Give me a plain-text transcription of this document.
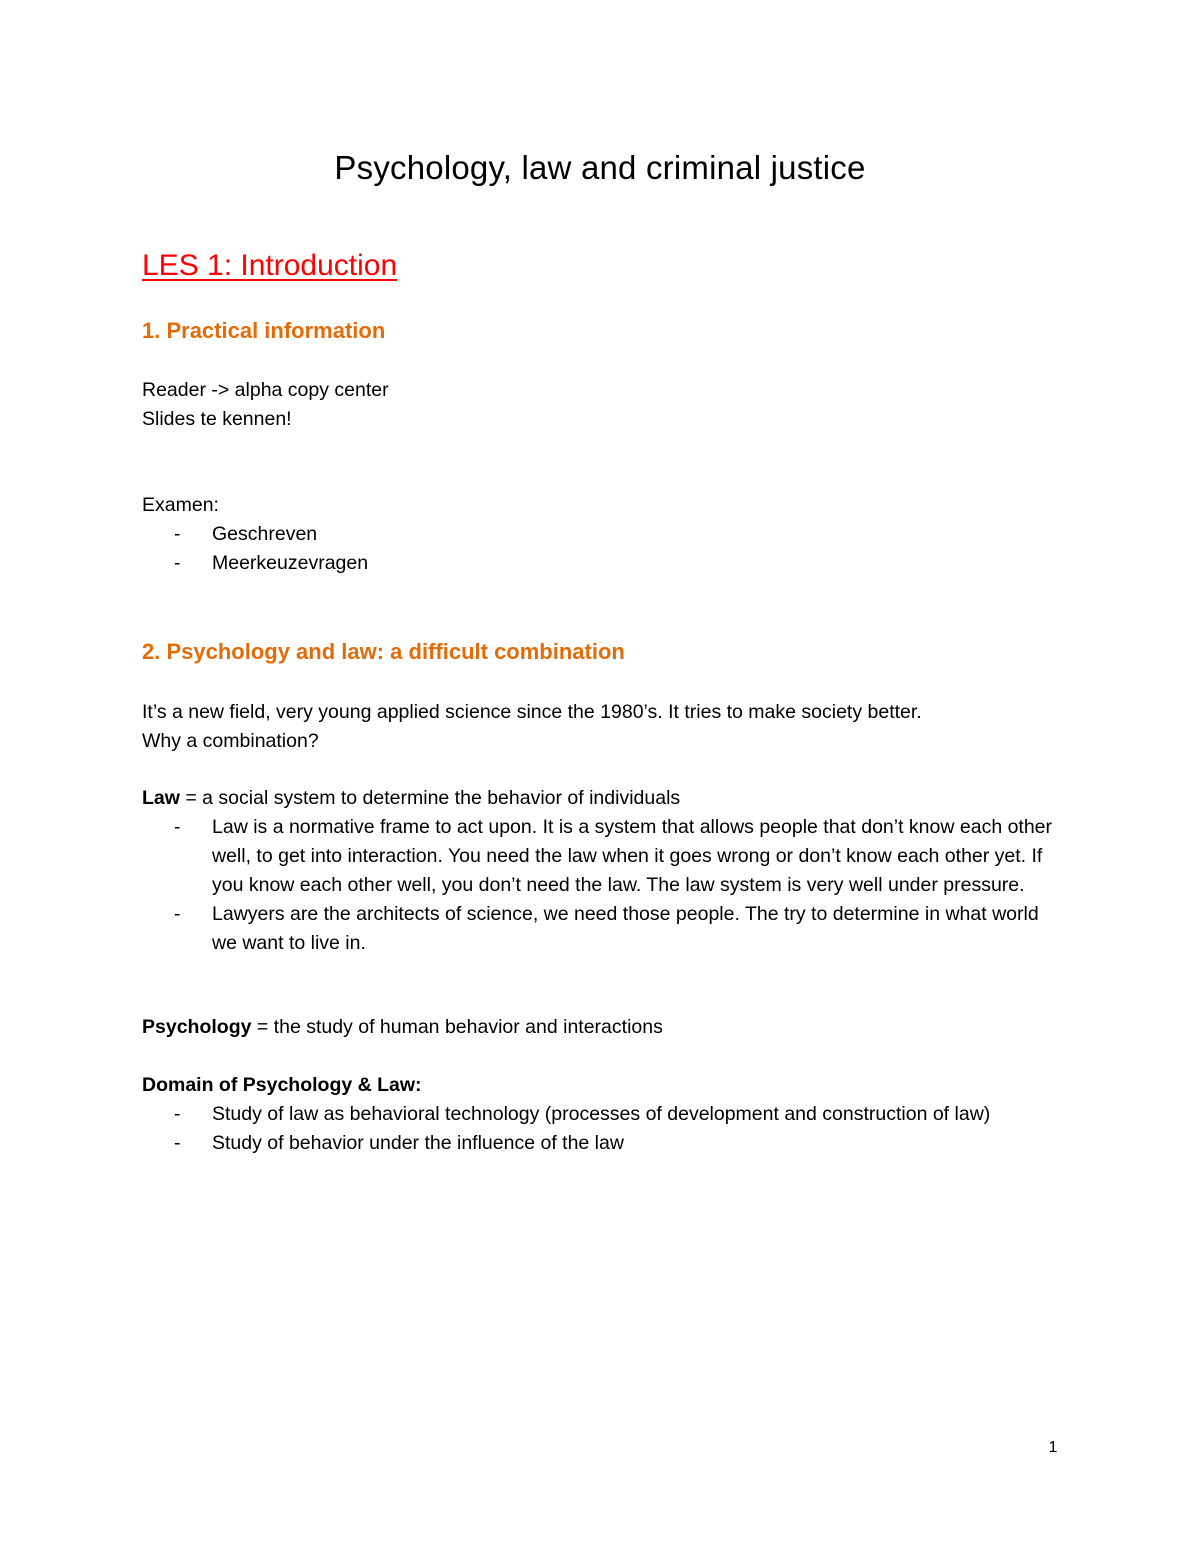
Psychology, law and criminal justice
LES 1: Introduction
1. Practical information

Reader -> alpha copy center

Slides te kennen!

Examen:

- Geschreven
- Meerkeuzevragen
2. Psychology and law: a difficult combination

It’s a new field, very young applied science since the 1980’s. It tries to make society better.

Why a combination?

Law = a social system to determine the behavior of individuals

- Law is a normative frame to act upon. It is a system that allows people that don’t know each other well, to get into interaction. You need the law when it goes wrong or don’t know each other yet. If you know each other well, you don’t need the law. The law system is very well under pressure.
- Lawyers are the architects of science, we need those people. The try to determine in what world we want to live in.

Psychology = the study of human behavior and interactions

Domain of Psychology & Law:

- Study of law as behavioral technology (processes of development and construction of law)
- Study of behavior under the influence of the law
1
